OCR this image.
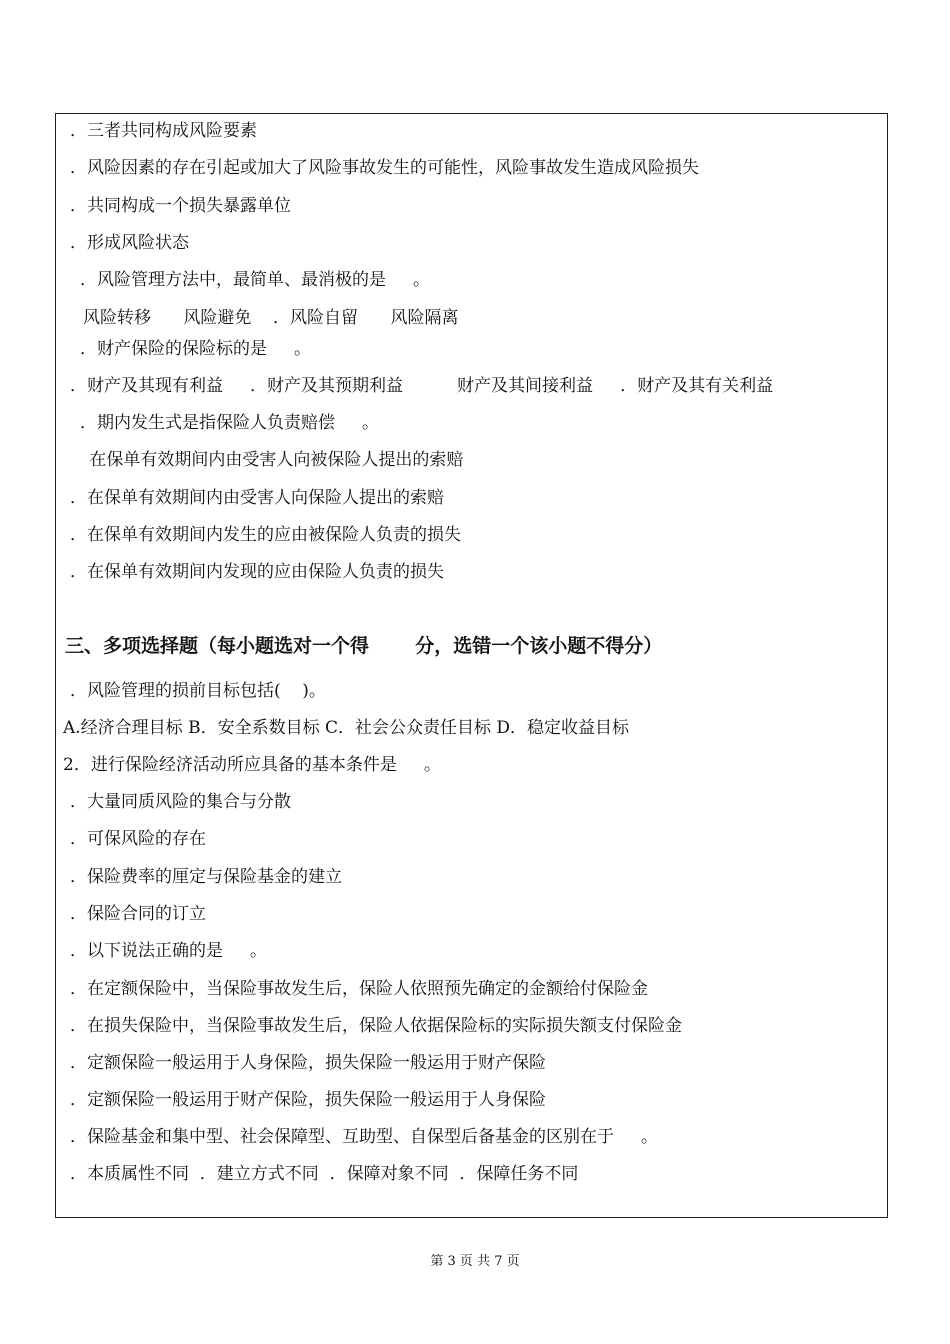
．三者共同构成风险要素
．风险因素的存在引起或加大了风险事故发生的可能性，风险事故发生造成风险损失
．共同构成一个损失暴露单位
．形成风险状态
．风险管理方法中，最简单、最消极的是     。
风险转移      风险避免    ．风险自留      风险隔离
．财产保险的保险标的是     。
．财产及其现有利益     ．财产及其预期利益          财产及其间接利益     ．财产及其有关利益
．期内发生式是指保险人负责赔偿     。
在保单有效期间内由受害人向被保险人提出的索赔
．在保单有效期间内由受害人向保险人提出的索赔
．在保单有效期间内发生的应由被保险人负责的损失
．在保单有效期间内发现的应由保险人负责的损失
三、多项选择题（每小题选对一个得       分，选错一个该小题不得分）
．风险管理的损前目标包括(    )。
A.经济合理目标 B．安全系数目标 C．社会公众责任目标 D．稳定收益目标
2．进行保险经济活动所应具备的基本条件是     。
．大量同质风险的集合与分散
．可保风险的存在
．保险费率的厘定与保险基金的建立
．保险合同的订立
．以下说法正确的是     。
．在定额保险中，当保险事故发生后，保险人依照预先确定的金额给付保险金
．在损失保险中，当保险事故发生后，保险人依据保险标的实际损失额支付保险金
．定额保险一般运用于人身保险，损失保险一般运用于财产保险
．定额保险一般运用于财产保险，损失保险一般运用于人身保险
．保险基金和集中型、社会保障型、互助型、自保型后备基金的区别在于     。
．本质属性不同  ．建立方式不同  ．保障对象不同  ．保障任务不同
第 3 页 共 7 页
